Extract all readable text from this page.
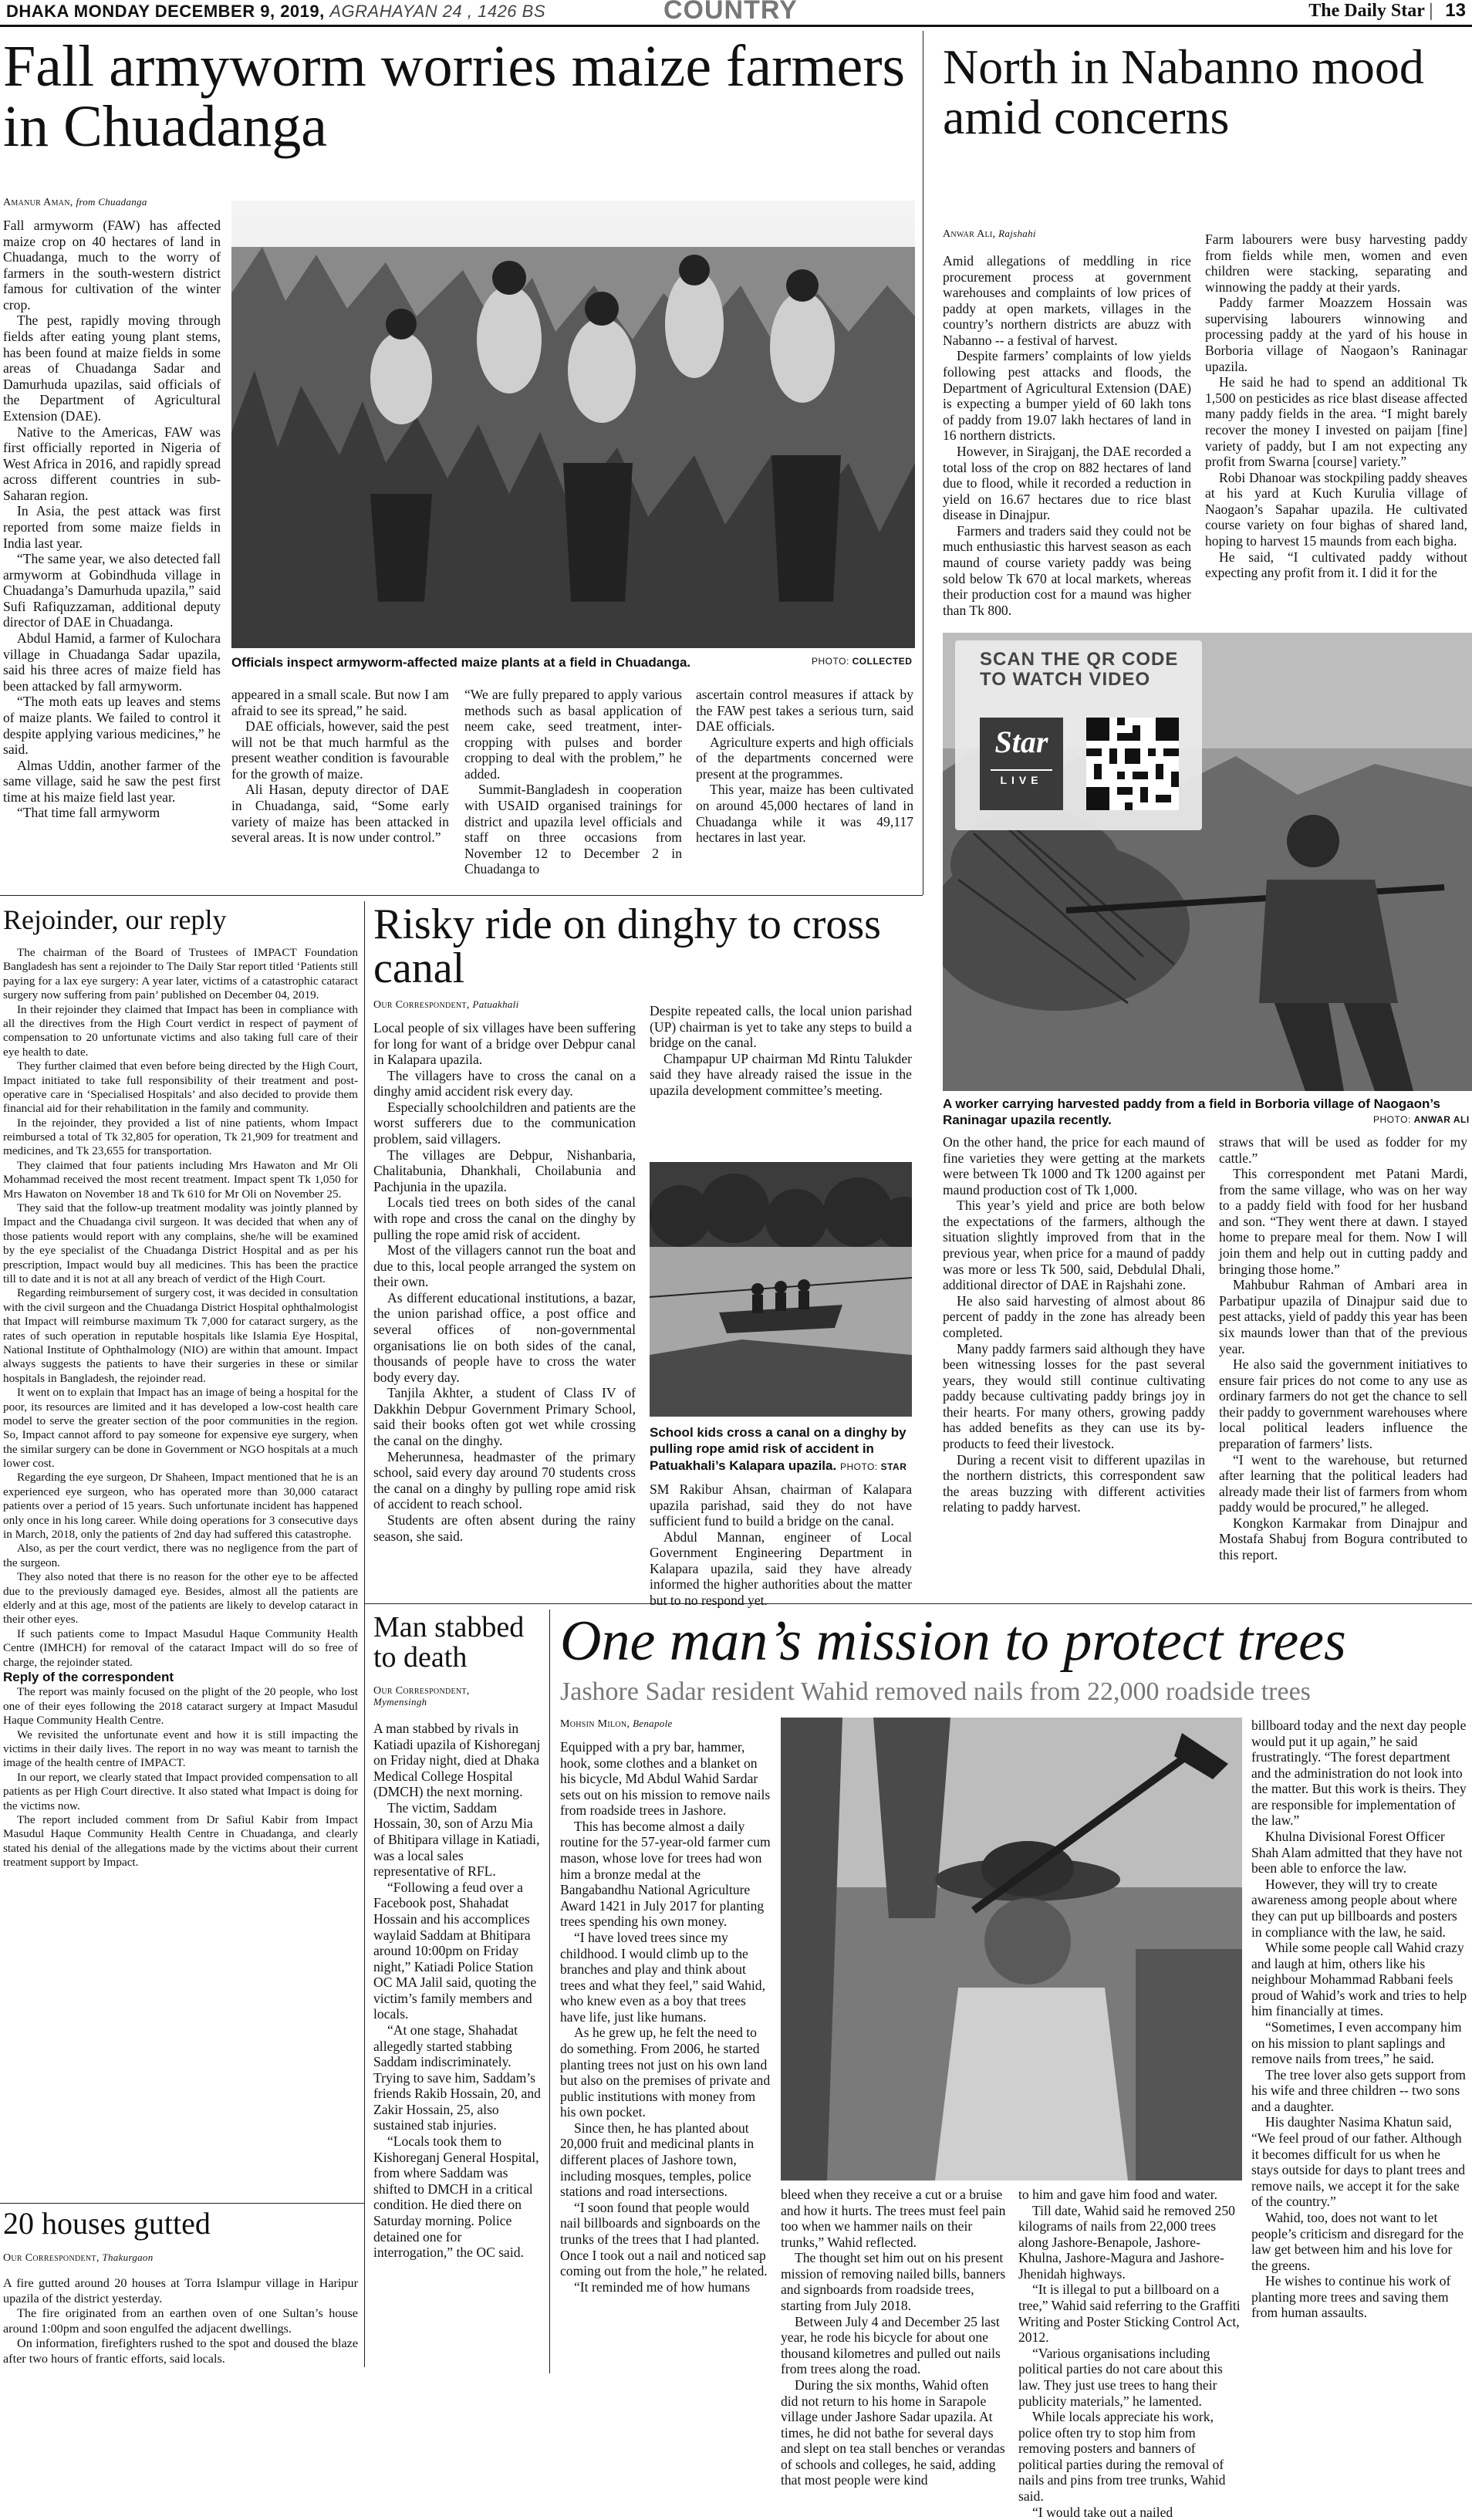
DHAKA MONDAY DECEMBER 9, 2019, AGRAHAYAN 24 , 1426 BS	COUNTRY	The Daily Star | 13
Fall armyworm worries maize farmers in Chuadanga
Amanur Aman, from Chuadanga

Fall armyworm (FAW) has affected maize crop on 40 hectares of land in Chuadanga, much to the worry of farmers in the south-western district famous for cultivation of the winter crop.

The pest, rapidly moving through fields after eating young plant stems, has been found at maize fields in some areas of Chuadanga Sadar and Damurhuda upazilas, said officials of the Department of Agricultural Extension (DAE).

Native to the Americas, FAW was first officially reported in Nigeria of West Africa in 2016, and rapidly spread across different countries in sub-Saharan region.

In Asia, the pest attack was first reported from some maize fields in India last year.

“The same year, we also detected fall armyworm at Gobindhuda village in Chuadanga’s Damurhuda upazila,” said Sufi Rafiquzzaman, additional deputy director of DAE in Chuadanga.

Abdul Hamid, a farmer of Kulochara village in Chuadanga Sadar upazila, said his three acres of maize field has been attacked by fall armyworm.

“The moth eats up leaves and stems of maize plants. We failed to control it despite applying various medicines,” he said.

Almas Uddin, another farmer of the same village, said he saw the pest first time at his maize field last year.

“That time fall armyworm

Officials inspect armyworm-affected maize plants at a field in Chuadanga.	PHOTO: COLLECTED

appeared in a small scale. But now I am afraid to see its spread,” he said.

DAE officials, however, said the pest will not be that much harmful as the present weather condition is favourable for the growth of maize.

Ali Hasan, deputy director of DAE in Chuadanga, said, “Some early variety of maize has been attacked in several areas. It is now under control.”

“We are fully prepared to apply various methods such as basal application of neem cake, seed treatment, inter-cropping with pulses and border cropping to deal with the problem,” he added.

Summit-Bangladesh in cooperation with USAID organised trainings for district and upazila level officials and staff on three occasions from November 12 to December 2 in Chuadanga to

ascertain control measures if attack by the FAW pest takes a serious turn, said DAE officials.

Agriculture experts and high officials of the departments concerned were present at the programmes.

This year, maize has been cultivated on around 45,000 hectares of land in Chuadanga while it was 49,117 hectares in last year.

North in Nabanno mood amid concerns
Anwar Ali, Rajshahi

Amid allegations of meddling in rice procurement process at government warehouses and complaints of low prices of paddy at open markets, villages in the country’s northern districts are abuzz with Nabanno -- a festival of harvest.

Despite farmers’ complaints of low yields following pest attacks and floods, the Department of Agricultural Extension (DAE) is expecting a bumper yield of 60 lakh tons of paddy from 19.07 lakh hectares of land in 16 northern districts.

However, in Sirajganj, the DAE recorded a total loss of the crop on 882 hectares of land due to flood, while it recorded a reduction in yield on 16.67 hectares due to rice blast disease in Dinajpur.

Farmers and traders said they could not be much enthusiastic this harvest season as each maund of course variety paddy was being sold below Tk 670 at local markets, whereas their production cost for a maund was higher than Tk 800.

Farm labourers were busy harvesting paddy from fields while men, women and even children were stacking, separating and winnowing the paddy at their yards.

Paddy farmer Moazzem Hossain was supervising labourers winnowing and processing paddy at the yard of his house in Borboria village of Naogaon’s Raninagar upazila.

He said he had to spend an additional Tk 1,500 on pesticides as rice blast disease affected many paddy fields in the area. “I might barely recover the money I invested on paijam [fine] variety of paddy, but I am not expecting any profit from Swarna [course] variety.”

Robi Dhanoar was stockpiling paddy sheaves at his yard at Kuch Kurulia village of Naogaon’s Sapahar upazila. He cultivated course variety on four bighas of shared land, hoping to harvest 15 maunds from each bigha.

He said, “I cultivated paddy without expecting any profit from it. I did it for the

SCAN THE QR CODE TO WATCH VIDEO
Star
LIVE
A worker carrying harvested paddy from a field in Borboria village of Naogaon’s Raninagar upazila recently.	PHOTO: ANWAR ALI

On the other hand, the price for each maund of fine varieties they were getting at the markets were between Tk 1000 and Tk 1200 against per maund production cost of Tk 1,000.

This year’s yield and price are both below the expectations of the farmers, although the situation slightly improved from that in the previous year, when price for a maund of paddy was more or less Tk 500, said, Debdulal Dhali, additional director of DAE in Rajshahi zone.

He also said harvesting of almost about 86 percent of paddy in the zone has already been completed.

Many paddy farmers said although they have been witnessing losses for the past several years, they would still continue cultivating paddy because cultivating paddy brings joy in their hearts. For many others, growing paddy has added benefits as they can use its by-products to feed their livestock.

During a recent visit to different upazilas in the northern districts, this correspondent saw the areas buzzing with different activities relating to paddy harvest.

straws that will be used as fodder for my cattle.”

This correspondent met Patani Mardi, from the same village, who was on her way to a paddy field with food for her husband and son. “They went there at dawn. I stayed home to prepare meal for them. Now I will join them and help out in cutting paddy and bringing those home.”

Mahbubur Rahman of Ambari area in Parbatipur upazila of Dinajpur said due to pest attacks, yield of paddy this year has been six maunds lower than that of the previous year.

He also said the government initiatives to ensure fair prices do not come to any use as ordinary farmers do not get the chance to sell their paddy to government warehouses where local political leaders influence the preparation of farmers’ lists.

“I went to the warehouse, but returned after learning that the political leaders had already made their list of farmers from whom paddy would be procured,” he alleged.

Kongkon Karmakar from Dinajpur and Mostafa Shabuj from Bogura contributed to this report.

Rejoinder, our reply

The chairman of the Board of Trustees of IMPACT Foundation Bangladesh has sent a rejoinder to The Daily Star report titled ‘Patients still paying for a lax eye surgery: A year later, victims of a catastrophic cataract surgery now suffering from pain’ published on December 04, 2019.

In their rejoinder they claimed that Impact has been in compliance with all the directives from the High Court verdict in respect of payment of compensation to 20 unfortunate victims and also taking full care of their eye health to date.

They further claimed that even before being directed by the High Court, Impact initiated to take full responsibility of their treatment and post-operative care in ‘Specialised Hospitals’ and also decided to provide them financial aid for their rehabilitation in the family and community.

In the rejoinder, they provided a list of nine patients, whom Impact reimbursed a total of Tk 32,805 for operation, Tk 21,909 for treatment and medicines, and Tk 23,655 for transportation.

They claimed that four patients including Mrs Hawaton and Mr Oli Mohammad received the most recent treatment. Impact spent Tk 1,050 for Mrs Hawaton on November 18 and Tk 610 for Mr Oli on November 25.

They said that the follow-up treatment modality was jointly planned by Impact and the Chuadanga civil surgeon. It was decided that when any of those patients would report with any complains, she/he will be examined by the eye specialist of the Chuadanga District Hospital and as per his prescription, Impact would buy all medicines. This has been the practice till to date and it is not at all any breach of verdict of the High Court.

Regarding reimbursement of surgery cost, it was decided in consultation with the civil surgeon and the Chuadanga District Hospital ophthalmologist that Impact will reimburse maximum Tk 7,000 for cataract surgery, as the rates of such operation in reputable hospitals like Islamia Eye Hospital, National Institute of Ophthalmology (NIO) are within that amount. Impact always suggests the patients to have their surgeries in these or similar hospitals in Bangladesh, the rejoinder read.

It went on to explain that Impact has an image of being a hospital for the poor, its resources are limited and it has developed a low-cost health care model to serve the greater section of the poor communities in the region. So, Impact cannot afford to pay someone for expensive eye surgery, when the similar surgery can be done in Government or NGO hospitals at a much lower cost.

Regarding the eye surgeon, Dr Shaheen, Impact mentioned that he is an experienced eye surgeon, who has operated more than 30,000 cataract patients over a period of 15 years. Such unfortunate incident has happened only once in his long career. While doing operations for 3 consecutive days in March, 2018, only the patients of 2nd day had suffered this catastrophe.

Also, as per the court verdict, there was no negligence from the part of the surgeon.

They also noted that there is no reason for the other eye to be affected due to the previously damaged eye. Besides, almost all the patients are elderly and at this age, most of the patients are likely to develop cataract in their other eyes.

If such patients come to Impact Masudul Haque Community Health Centre (IMHCH) for removal of the cataract Impact will do so free of charge, the rejoinder stated.

Reply of the correspondent

The report was mainly focused on the plight of the 20 people, who lost one of their eyes following the 2018 cataract surgery at Impact Masudul Haque Community Health Centre.

We revisited the unfortunate event and how it is still impacting the victims in their daily lives. The report in no way was meant to tarnish the image of the health centre of IMPACT.

In our report, we clearly stated that Impact provided compensation to all patients as per High Court directive. It also stated what Impact is doing for the victims now.

The report included comment from Dr Safiul Kabir from Impact Masudul Haque Community Health Centre in Chuadanga, and clearly stated his denial of the allegations made by the victims about their current treatment support by Impact.

20 houses gutted
Our Correspondent, Thakurgaon

A fire gutted around 20 houses at Torra Islampur village in Haripur upazila of the district yesterday.

The fire originated from an earthen oven of one Sultan’s house around 1:00pm and soon engulfed the adjacent dwellings.

On information, firefighters rushed to the spot and doused the blaze after two hours of frantic efforts, said locals.

Risky ride on dinghy to cross canal
Our Correspondent, Patuakhali

Local people of six villages have been suffering for long for want of a bridge over Debpur canal in Kalapara upazila.

The villagers have to cross the canal on a dinghy amid accident risk every day.

Especially schoolchildren and patients are the worst sufferers due to the communication problem, said villagers.

The villages are Debpur, Nishanbaria, Chalitabunia, Dhankhali, Choilabunia and Pachjunia in the upazila.

Locals tied trees on both sides of the canal with rope and cross the canal on the dinghy by pulling the rope amid risk of accident.

Most of the villagers cannot run the boat and due to this, local people arranged the system on their own.

As different educational institutions, a bazar, the union parishad office, a post office and several offices of non-governmental organisations lie on both sides of the canal, thousands of people have to cross the water body every day.

Tanjila Akhter, a student of Class IV of Dakkhin Debpur Government Primary School, said their books often got wet while crossing the canal on the dinghy.

Meherunnesa, headmaster of the primary school, said every day around 70 students cross the canal on a dinghy by pulling rope amid risk of accident to reach school.

Students are often absent during the rainy season, she said.

Despite repeated calls, the local union parishad (UP) chairman is yet to take any steps to build a bridge on the canal.

Champapur UP chairman Md Rintu Talukder said they have already raised the issue in the upazila development committee’s meeting.

School kids cross a canal on a dinghy by pulling rope amid risk of accident in Patuakhali’s Kalapara upazila. PHOTO: STAR

SM Rakibur Ahsan, chairman of Kalapara upazila parishad, said they do not have sufficient fund to build a bridge on the canal.

Abdul Mannan, engineer of Local Government Engineering Department in Kalapara upazila, said they have already informed the higher authorities about the matter but to no respond yet.

Man stabbed to death
Our Correspondent,
Mymensingh

A man stabbed by rivals in Katiadi upazila of Kishoreganj on Friday night, died at Dhaka Medical College Hospital (DMCH) the next morning.

The victim, Saddam Hossain, 30, son of Arzu Mia of Bhitipara village in Katiadi, was a local sales representative of RFL.

“Following a feud over a Facebook post, Shahadat Hossain and his accomplices waylaid Saddam at Bhitipara around 10:00pm on Friday night,” Katiadi Police Station OC MA Jalil said, quoting the victim’s family members and locals.

“At one stage, Shahadat allegedly started stabbing Saddam indiscriminately. Trying to save him, Saddam’s friends Rakib Hossain, 20, and Zakir Hossain, 25, also sustained stab injuries.

“Locals took them to Kishoreganj General Hospital, from where Saddam was shifted to DMCH in a critical condition. He died there on Saturday morning. Police detained one for interrogation,” the OC said.

One man’s mission to protect trees
Jashore Sadar resident Wahid removed nails from 22,000 roadside trees
Mohsin Milon, Benapole

Equipped with a pry bar, hammer, hook, some clothes and a blanket on his bicycle, Md Abdul Wahid Sardar sets out on his mission to remove nails from roadside trees in Jashore.

This has become almost a daily routine for the 57-year-old farmer cum mason, whose love for trees had won him a bronze medal at the Bangabandhu National Agriculture Award 1421 in July 2017 for planting trees spending his own money.

“I have loved trees since my childhood. I would climb up to the branches and play and think about trees and what they feel,” said Wahid, who knew even as a boy that trees have life, just like humans.

As he grew up, he felt the need to do something. From 2006, he started planting trees not just on his own land but also on the premises of private and public institutions with money from his own pocket.

Since then, he has planted about 20,000 fruit and medicinal plants in different places of Jashore town, including mosques, temples, police stations and road intersections.

“I soon found that people would nail billboards and signboards on the trunks of the trees that I had planted. Once I took out a nail and noticed sap coming out from the hole,” he related.

“It reminded me of how humans

bleed when they receive a cut or a bruise and how it hurts. The trees must feel pain too when we hammer nails on their trunks,” Wahid reflected.

The thought set him out on his present mission of removing nailed bills, banners and signboards from roadside trees, starting from July 2018.

Between July 4 and December 25 last year, he rode his bicycle for about one thousand kilometres and pulled out nails from trees along the road.

During the six months, Wahid often did not return to his home in Sarapole village under Jashore Sadar upazila. At times, he did not bathe for several days and slept on tea stall benches or verandas of schools and colleges, he said, adding that most people were kind

to him and gave him food and water.

Till date, Wahid said he removed 250 kilograms of nails from 22,000 trees along Jashore-Benapole, Jashore-Khulna, Jashore-Magura and Jashore-Jhenidah highways.

“It is illegal to put a billboard on a tree,” Wahid said referring to the Graffiti Writing and Poster Sticking Control Act, 2012.

“Various organisations including political parties do not care about this law. They just use trees to hang their publicity materials,” he lamented.

While locals appreciate his work, police often try to stop him from removing posters and banners of political parties during the removal of nails and pins from tree trunks, Wahid said.

“I would take out a nailed

billboard today and the next day people would put it up again,” he said frustratingly. “The forest department and the administration do not look into the matter. But this work is theirs. They are responsible for implementation of the law.”

Khulna Divisional Forest Officer Shah Alam admitted that they have not been able to enforce the law.

However, they will try to create awareness among people about where they can put up billboards and posters in compliance with the law, he said.

While some people call Wahid crazy and laugh at him, others like his neighbour Mohammad Rabbani feels proud of Wahid’s work and tries to help him financially at times.

“Sometimes, I even accompany him on his mission to plant saplings and remove nails from trees,” he said.

The tree lover also gets support from his wife and three children -- two sons and a daughter.

His daughter Nasima Khatun said, “We feel proud of our father. Although it becomes difficult for us when he stays outside for days to plant trees and remove nails, we accept it for the sake of the country.”

Wahid, too, does not want to let people’s criticism and disregard for the law get between him and his love for the greens.

He wishes to continue his work of planting more trees and saving them from human assaults.
